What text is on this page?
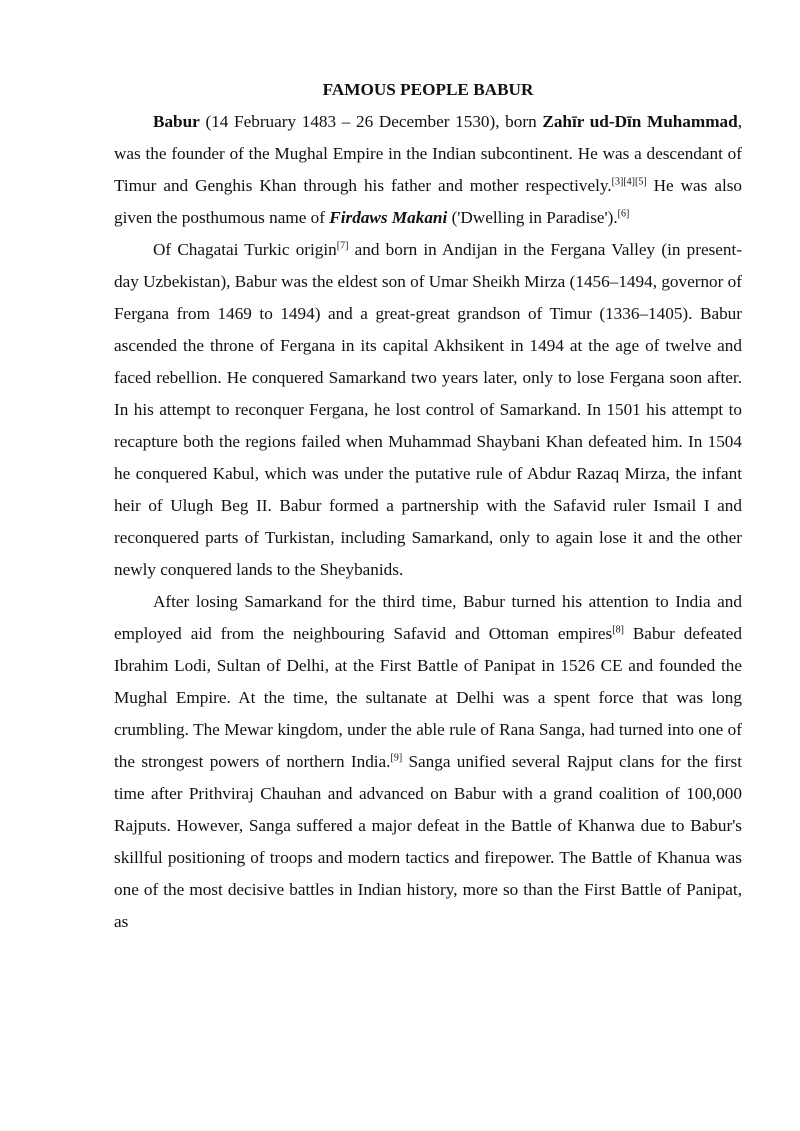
FAMOUS PEOPLE BABUR

Babur (14 February 1483 – 26 December 1530), born Zahīr ud-Dīn Muhammad, was the founder of the Mughal Empire in the Indian subcontinent. He was a descendant of Timur and Genghis Khan through his father and mother respectively.[3][4][5] He was also given the posthumous name of Firdaws Makani ('Dwelling in Paradise').[6]

Of Chagatai Turkic origin[7] and born in Andijan in the Fergana Valley (in present-day Uzbekistan), Babur was the eldest son of Umar Sheikh Mirza (1456–1494, governor of Fergana from 1469 to 1494) and a great-great grandson of Timur (1336–1405). Babur ascended the throne of Fergana in its capital Akhsikent in 1494 at the age of twelve and faced rebellion. He conquered Samarkand two years later, only to lose Fergana soon after. In his attempt to reconquer Fergana, he lost control of Samarkand. In 1501 his attempt to recapture both the regions failed when Muhammad Shaybani Khan defeated him. In 1504 he conquered Kabul, which was under the putative rule of Abdur Razaq Mirza, the infant heir of Ulugh Beg II. Babur formed a partnership with the Safavid ruler Ismail I and reconquered parts of Turkistan, including Samarkand, only to again lose it and the other newly conquered lands to the Sheybanids.

After losing Samarkand for the third time, Babur turned his attention to India and employed aid from the neighbouring Safavid and Ottoman empires[8] Babur defeated Ibrahim Lodi, Sultan of Delhi, at the First Battle of Panipat in 1526 CE and founded the Mughal Empire. At the time, the sultanate at Delhi was a spent force that was long crumbling. The Mewar kingdom, under the able rule of Rana Sanga, had turned into one of the strongest powers of northern India.[9] Sanga unified several Rajput clans for the first time after Prithviraj Chauhan and advanced on Babur with a grand coalition of 100,000 Rajputs. However, Sanga suffered a major defeat in the Battle of Khanwa due to Babur's skillful positioning of troops and modern tactics and firepower. The Battle of Khanua was one of the most decisive battles in Indian history, more so than the First Battle of Panipat, as
